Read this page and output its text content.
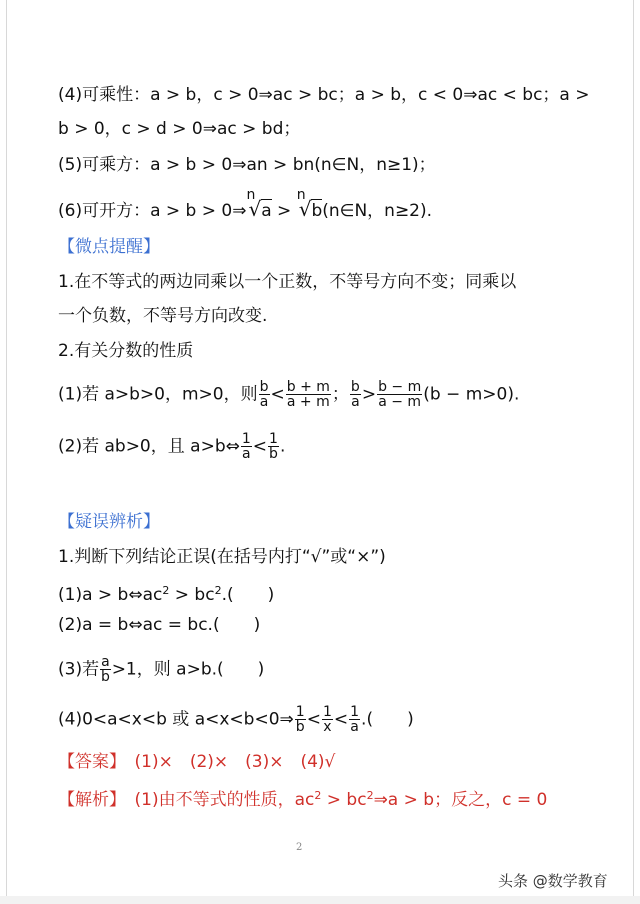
(4)可乘性：a > b，c > 0⇒ac > bc；a > b，c < 0⇒ac < bc；a >
b > 0，c > d > 0⇒ac > bd；
(5)可乘方：a > b > 0⇒an > bn(n∈N，n≥1)；
(6)可开方：a > b > 0⇒
n
√a >
n
√b(n∈N，n≥2).
【微点提醒】
1.在不等式的两边同乘以一个正数，不等号方向不变；同乘以
一个负数，不等号方向改变.
2.有关分数的性质
(1)若 a>b>0，m>0，则 $\frac{b}{a} < \frac{b + m}{a + m}$ ； $\frac{b}{a} > \frac{b - m}{a - m} (b - m>0)$.
(2)若 ab>0，且 a>b⇔ $\frac{1}{a} < \frac{1}{b}$ .
【疑误辨析】
1.判断下列结论正误(在括号内打“√”或“×”)
$(1)a > b\Leftrightarrow ac^2 > bc^2$.(　　)
(2)a = b⇔ac = bc.(　　)
(3)若 $\frac{a}{b} >1$，则 a>b.(　　)
(4)0<a<x<b 或 a<x<b<0⇒ $\frac{1}{b} < \frac{1}{x} < \frac{1}{a}$ .(　　)
【答案】　(1)×　(2)×　(3)×　(4)√
【解析】　(1)由不等式的性质，$ac^2$ > $bc^2\Rightarrow a > b$；反之，c = 0
2
头条 @数学教育
